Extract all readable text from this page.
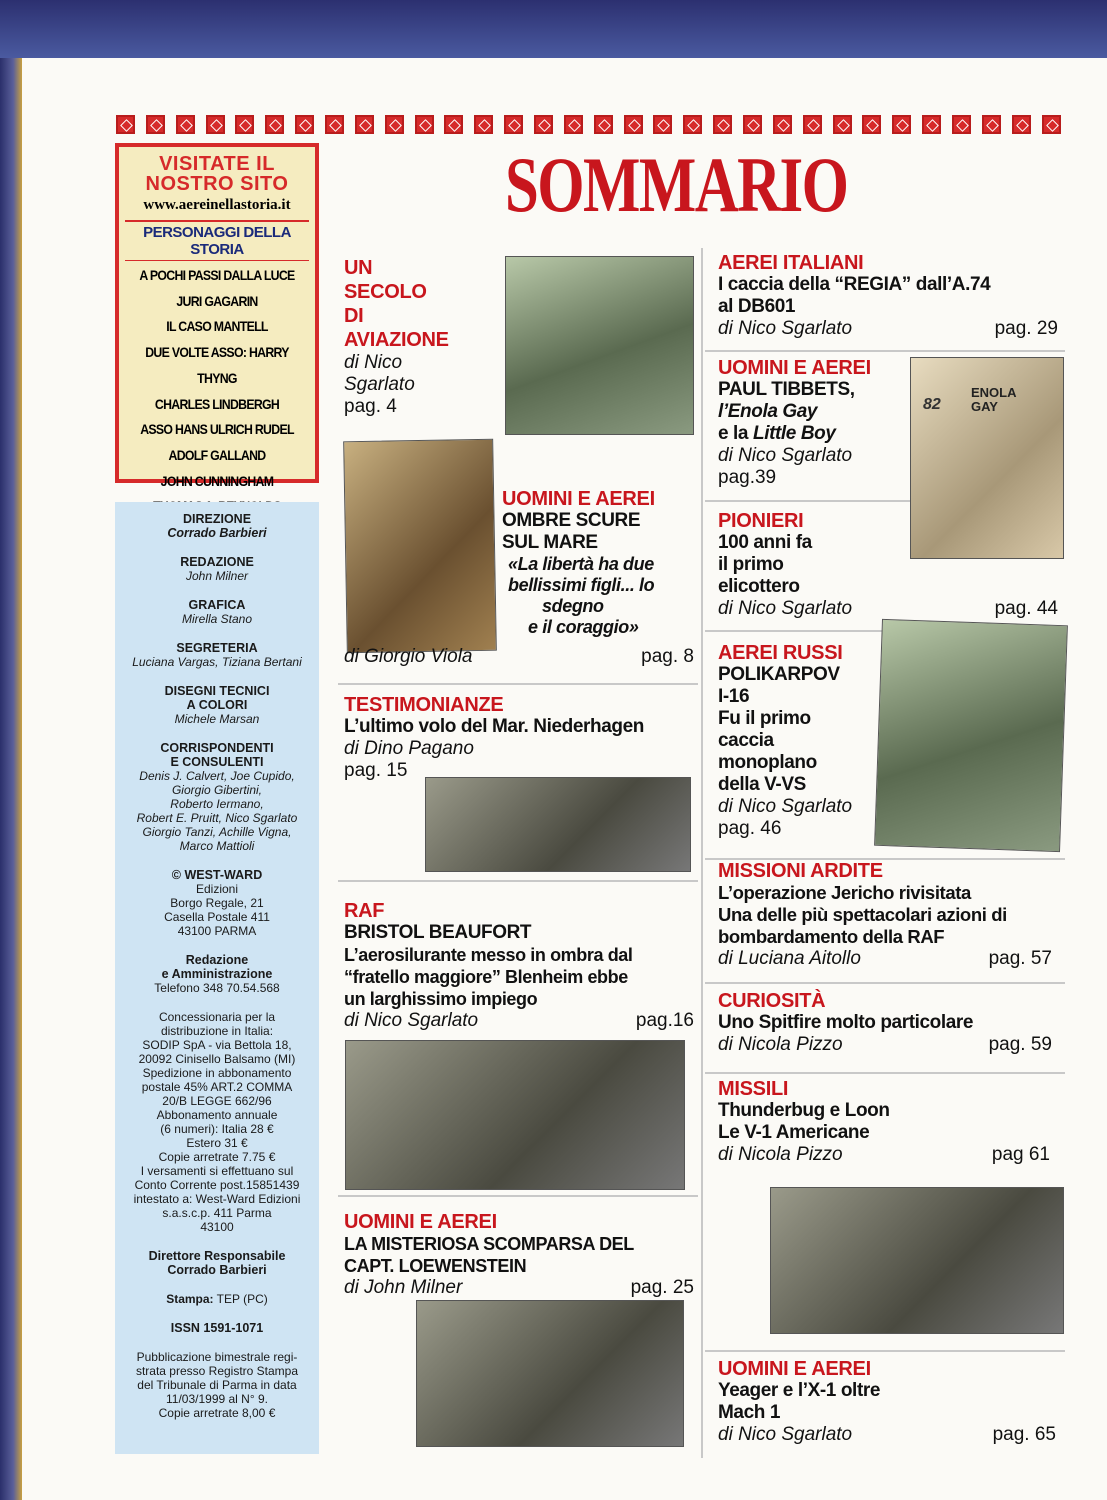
VISITATE IL
NOSTRO SITO
www.aereinellastoria.it
PERSONAGGI DELLA STORIA
A POCHI PASSI DALLA LUCE
JURI GAGARIN
IL CASO MANTELL
DUE VOLTE ASSO: HARRY THYNG
CHARLES LINDBERGH
ASSO HANS ULRICH RUDEL
ADOLF GALLAND
JOHN CUNNINGHAM
DIREZIONE
Corrado Barbieri
REDAZIONE
John Milner
GRAFICA
Mirella Stano
SEGRETERIA
Luciana Vargas, Tiziana Bertani
DISEGNI TECNICI
A COLORI
Michele Marsan
CORRISPONDENTI
E CONSULENTI
Denis J. Calvert, Joe Cupido,
Giorgio Gibertini,
Roberto Iermano,
Robert E. Pruitt, Nico Sgarlato
Giorgio Tanzi, Achille Vigna,
Marco Mattioli
© WEST-WARD
Edizioni
Borgo Regale, 21
Casella Postale 411
43100 PARMA
Redazione
e Amministrazione
Telefono 348 70.54.568
Concessionaria per la
distribuzione in Italia:
SODIP SpA - via Bettola 18,
20092 Cinisello Balsamo (MI)
Spedizione in abbonamento
postale 45% ART.2 COMMA
20/B LEGGE 662/96
Abbonamento annuale
(6 numeri): Italia 28 €
Estero 31 €
Copie arretrate 7.75 €
I versamenti si effettuano sul
Conto Corrente post.15851439
intestato a: West-Ward Edizioni
s.a.s.c.p. 411 Parma
43100
Direttore Responsabile
Corrado Barbieri
Stampa: TEP (PC)
ISSN 1591-1071
Pubblicazione bimestrale regi-
strata presso Registro Stampa
del Tribunale di Parma in data
11/03/1999 al N° 9.
Copie arretrate 8,00 €
SOMMARIO
ENOLA GAY
82
UN
SECOLO
DI
AVIAZIONE
di Nico
Sgarlato
pag. 4
UOMINI E AEREI
OMBRE SCURE
SUL MARE
«La libertà ha due
bellissimi figli... lo
sdegno
e il coraggio»
di Giorgio Viola	pag. 8
TESTIMONIANZE
L’ultimo volo del Mar. Niederhagen
di Dino Pagano
pag. 15
RAF
BRISTOL BEAUFORT
L’aerosilurante messo in ombra dal
“fratello maggiore” Blenheim ebbe
un larghissimo impiego
di Nico Sgarlato	pag.16
UOMINI E AEREI
LA MISTERIOSA SCOMPARSA DEL
CAPT. LOEWENSTEIN
di John Milner	pag. 25
AEREI ITALIANI
I caccia della “REGIA” dall’A.74
al DB601
di Nico Sgarlato	pag. 29
UOMINI E AEREI
PAUL TIBBETS,
l’Enola Gay
e la Little Boy
di Nico Sgarlato
pag.39
PIONIERI
100 anni fa
il primo
elicottero
di Nico Sgarlato	pag. 44
AEREI RUSSI
POLIKARPOV
I-16
Fu il primo
caccia
monoplano
della V-VS
di Nico Sgarlato
pag. 46
MISSIONI ARDITE
L’operazione Jericho rivisitata
Una delle più spettacolari azioni di
bombardamento della RAF
di Luciana Aitollo	pag. 57
CURIOSITÀ
Uno Spitfire molto particolare
di Nicola Pizzo	pag. 59
MISSILI
Thunderbug e Loon
Le V-1 Americane
di Nicola Pizzo	pag 61
UOMINI E AEREI
Yeager e l’X-1 oltre
Mach 1
di Nico Sgarlato	pag. 65
